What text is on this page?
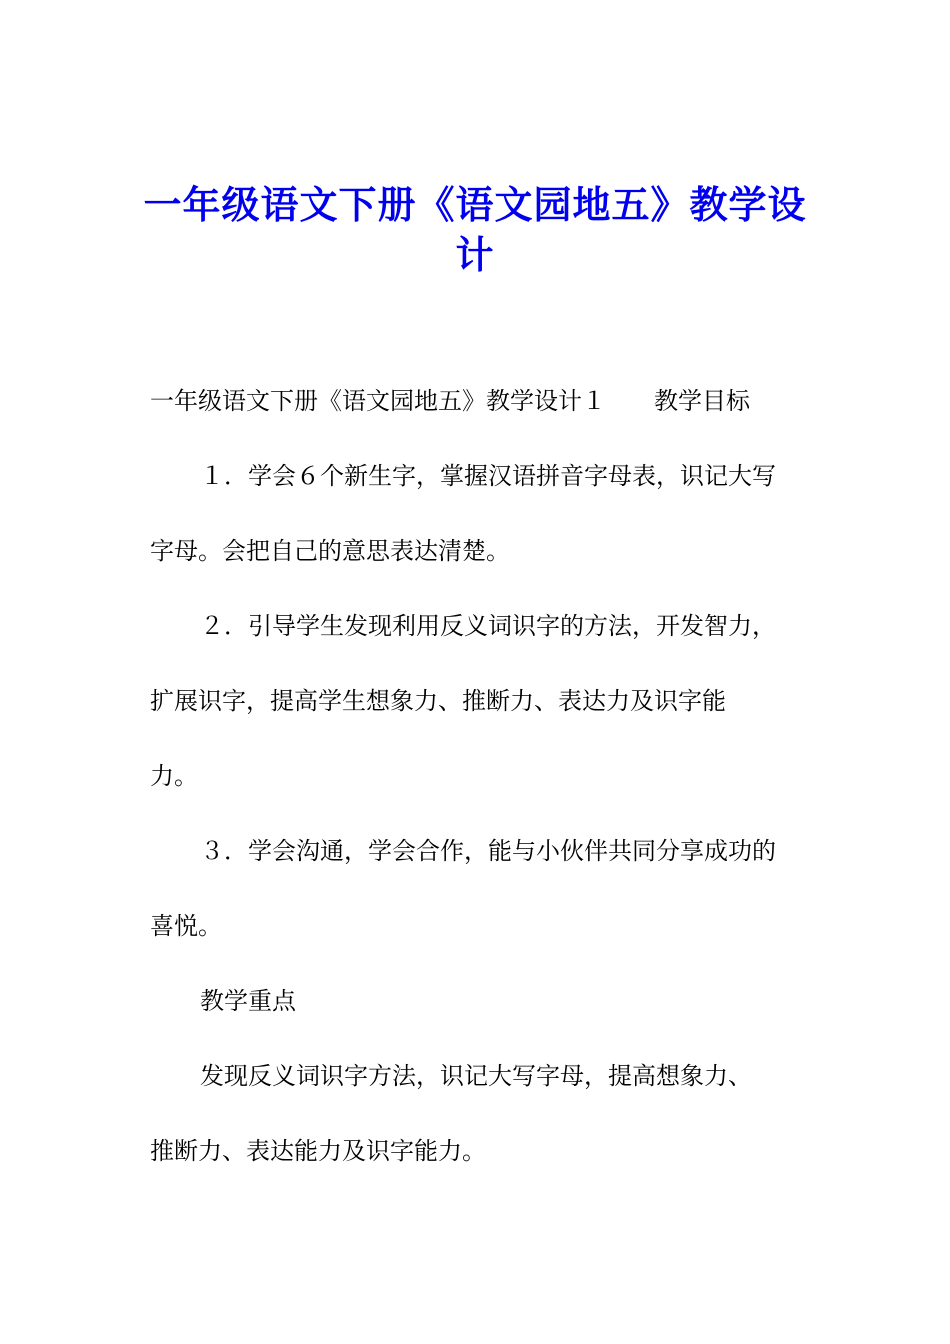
一年级语文下册《语文园地五》教学设
计
一年级语文下册《语文园地五》教学设计１　　教学目标
１．学会６个新生字，掌握汉语拼音字母表，识记大写
字母。会把自己的意思表达清楚。
２．引导学生发现利用反义词识字的方法，开发智力，
扩展识字，提高学生想象力、推断力、表达力及识字能
力。
３．学会沟通，学会合作，能与小伙伴共同分享成功的
喜悦。
教学重点
发现反义词识字方法，识记大写字母，提高想象力、
推断力、表达能力及识字能力。
